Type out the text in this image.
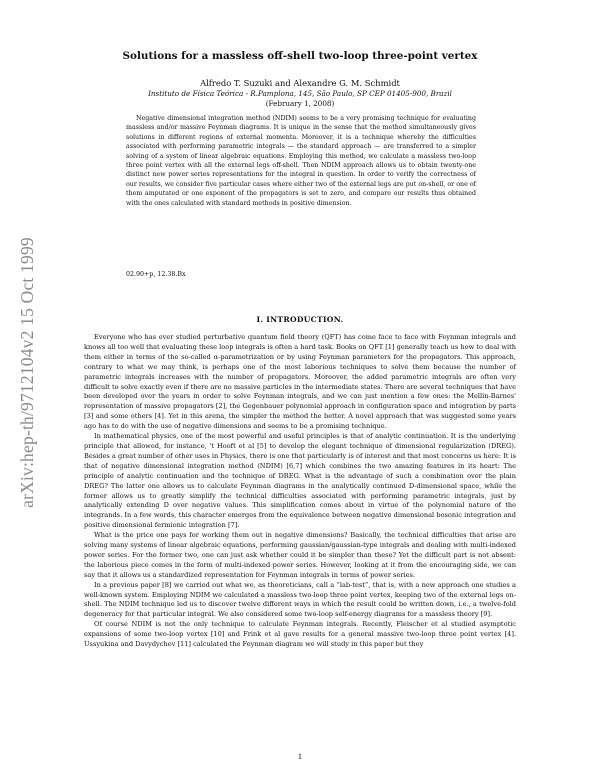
arXiv:hep-th/9712104v2 15 Oct 1999
Solutions for a massless off-shell two-loop three-point vertex
Alfredo T. Suzuki and Alexandre G. M. Schmidt
Instituto de Física Teórica - R.Pamplona, 145, São Paulo, SP CEP 01405-900, Brazil
(February 1, 2008)

Negative dimensional integration method (NDIM) seems to be a very promising technique for evaluating massless and/or massive Feynman diagrams. It is unique in the sense that the method simultaneously gives solutions in different regions of external momenta. Moreover, it is a technique whereby the difficulties associated with performing parametric integrals — the standard approach — are transferred to a simpler solving of a system of linear algebraic equations. Employing this method, we calculate a massless two-loop three point vertex with all the external legs off-shell. Then NDIM approach allows us to obtain twenty-one distinct new power series representations for the integral in question. In order to verify the correctness of our results, we consider five particular cases where either two of the external legs are put on-shell, or one of them amputated or one exponent of the propagators is set to zero, and compare our results thus obtained with the ones calculated with standard methods in positive dimension.

02.90+p, 12.38.Bx
I. INTRODUCTION.

Everyone who has ever studied perturbative quantum field theory (QFT) has come face to face with Feynman integrals and knows all too well that evaluating these loop integrals is often a hard task. Books on QFT [1] generally teach us how to deal with them either in terms of the so-called α-parametrization or by using Feynman parameters for the propagators. This approach, contrary to what we may think, is perhaps one of the most laborious techniques to solve them because the number of parametric integrals increases with the number of propagators. Moreover, the added parametric integrals are often very difficult to solve exactly even if there are no massive particles in the intermediate states. There are several techniques that have been developed over the years in order to solve Feynman integrals, and we can just mention a few ones: the Mellin-Barnes' representation of massive propagators [2], the Gegenbauer polynomial approach in configuration space and integration by parts [3] and some others [4]. Yet in this arena, the simpler the method the better. A novel approach that was suggested some years ago has to do with the use of negative dimensions and seems to be a promising technique.

In mathematical physics, one of the most powerful and useful principles is that of analytic continuation. It is the underlying principle that allowed, for instance, 't Hooft et al [5] to develop the elegant technique of dimensional regularization (DREG). Besides a great number of other uses in Physics, there is one that particularly is of interest and that most concerns us here: It is that of negative dimensional integration method (NDIM) [6,7] which combines the two amazing features in its heart: The principle of analytic continuation and the technique of DREG. What is the advantage of such a combination over the plain DREG? The latter one allows us to calculate Feynman diagrams in the analytically continued D-dimensional space, while the former allows us to greatly simplify the technical difficulties associated with performing parametric integrals, just by analytically extending D over negative values. This simplification comes about in virtue of the polynomial nature of the integrands. In a few words, this character emerges from the equivalence between negative dimensional bosonic integration and positive dimensional fermionic integration [7].

What is the price one pays for working them out in negative dimensions? Basically, the technical difficulties that arise are solving many systems of linear algebraic equations, performing gaussian/gaussian-type integrals and dealing with multi-indexed power series. For the former two, one can just ask whether could it be simpler than these? Yet the difficult part is not absent: the laborious piece comes in the form of multi-indexed power series. However, looking at it from the encouraging side, we can say that it allows us a standardized representation for Feynman integrals in terms of power series.

In a previous paper [8] we carried out what we, as theoreticians, call a “lab-test”, that is, with a new approach one studies a well-known system. Employing NDIM we calculated a massless two-loop three point vertex, keeping two of the external legs on-shell. The NDIM technique led us to discover twelve different ways in which the result could be written down, i.e., a twelve-fold degeneracy for that particular integral. We also considered some two-loop self-energy diagrams for a massless theory [9].

Of course NDIM is not the only technique to calculate Feynman integrals. Recently, Fleischer et al studied asymptotic expansions of some two-loop vertex [10] and Frink et al gave results for a general massive two-loop three point vertex [4]. Ussyukina and Davydychev [11] calculated the Feynman diagram we will study in this paper but they

1
